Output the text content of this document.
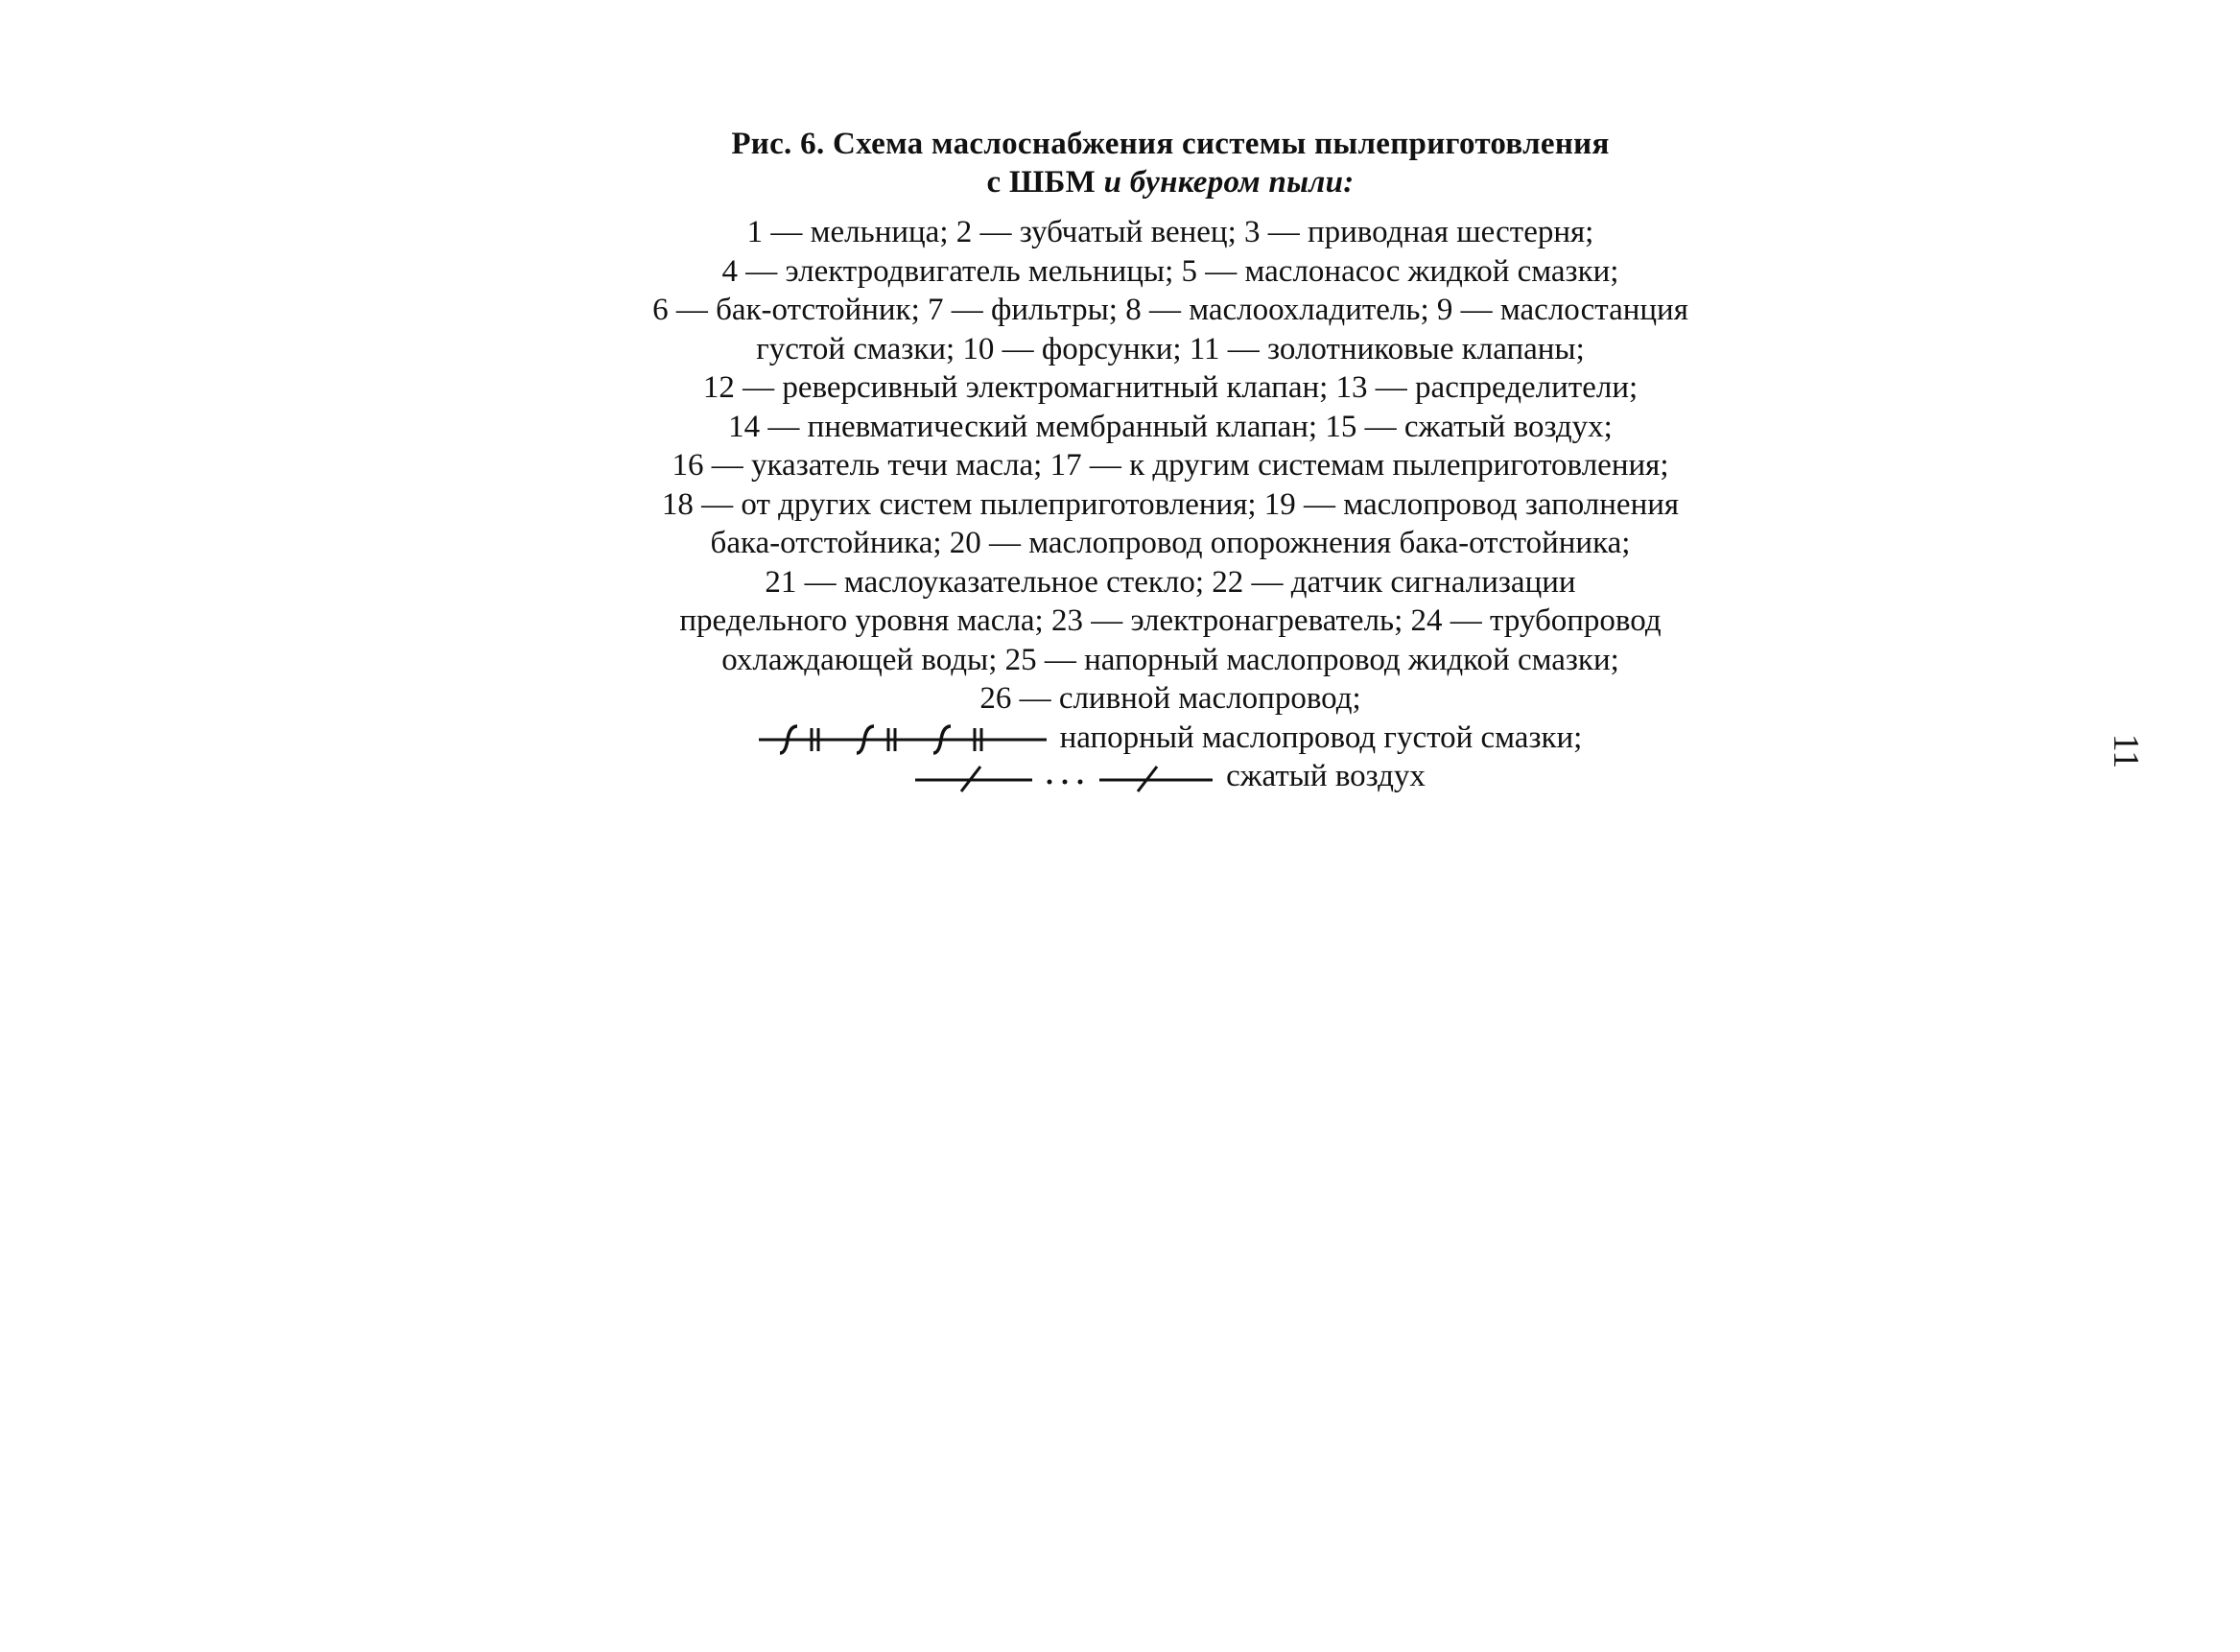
Рис. 6. Схема маслоснабжения системы пылеприготовления
с ШБМ и бункером пыли:
1 — мельница; 2 — зубчатый венец; 3 — приводная шестерня;
4 — электродвигатель мельницы; 5 — маслонасос жидкой смазки;
6 — бак-отстойник; 7 — фильтры; 8 — маслоохладитель; 9 — маслостанция
густой смазки; 10 — форсунки; 11 — золотниковые клапаны;
12 — реверсивный электромагнитный клапан; 13 — распределители;
14 — пневматический мембранный клапан; 15 — сжатый воздух;
16 — указатель течи масла; 17 — к другим системам пылеприготовления;
18 — от других систем пылеприготовления; 19 — маслопровод заполнения
бака-отстойника; 20 — маслопровод опорожнения бака-отстойника;
21 — маслоуказательное стекло; 22 — датчик сигнализации
предельного уровня масла; 23 — электронагреватель; 24 — трубопровод
охлаждающей воды; 25 — напорный маслопровод жидкой смазки;
26 — сливной маслопровод;
напорный маслопровод густой смазки;
сжатый воздух
11
